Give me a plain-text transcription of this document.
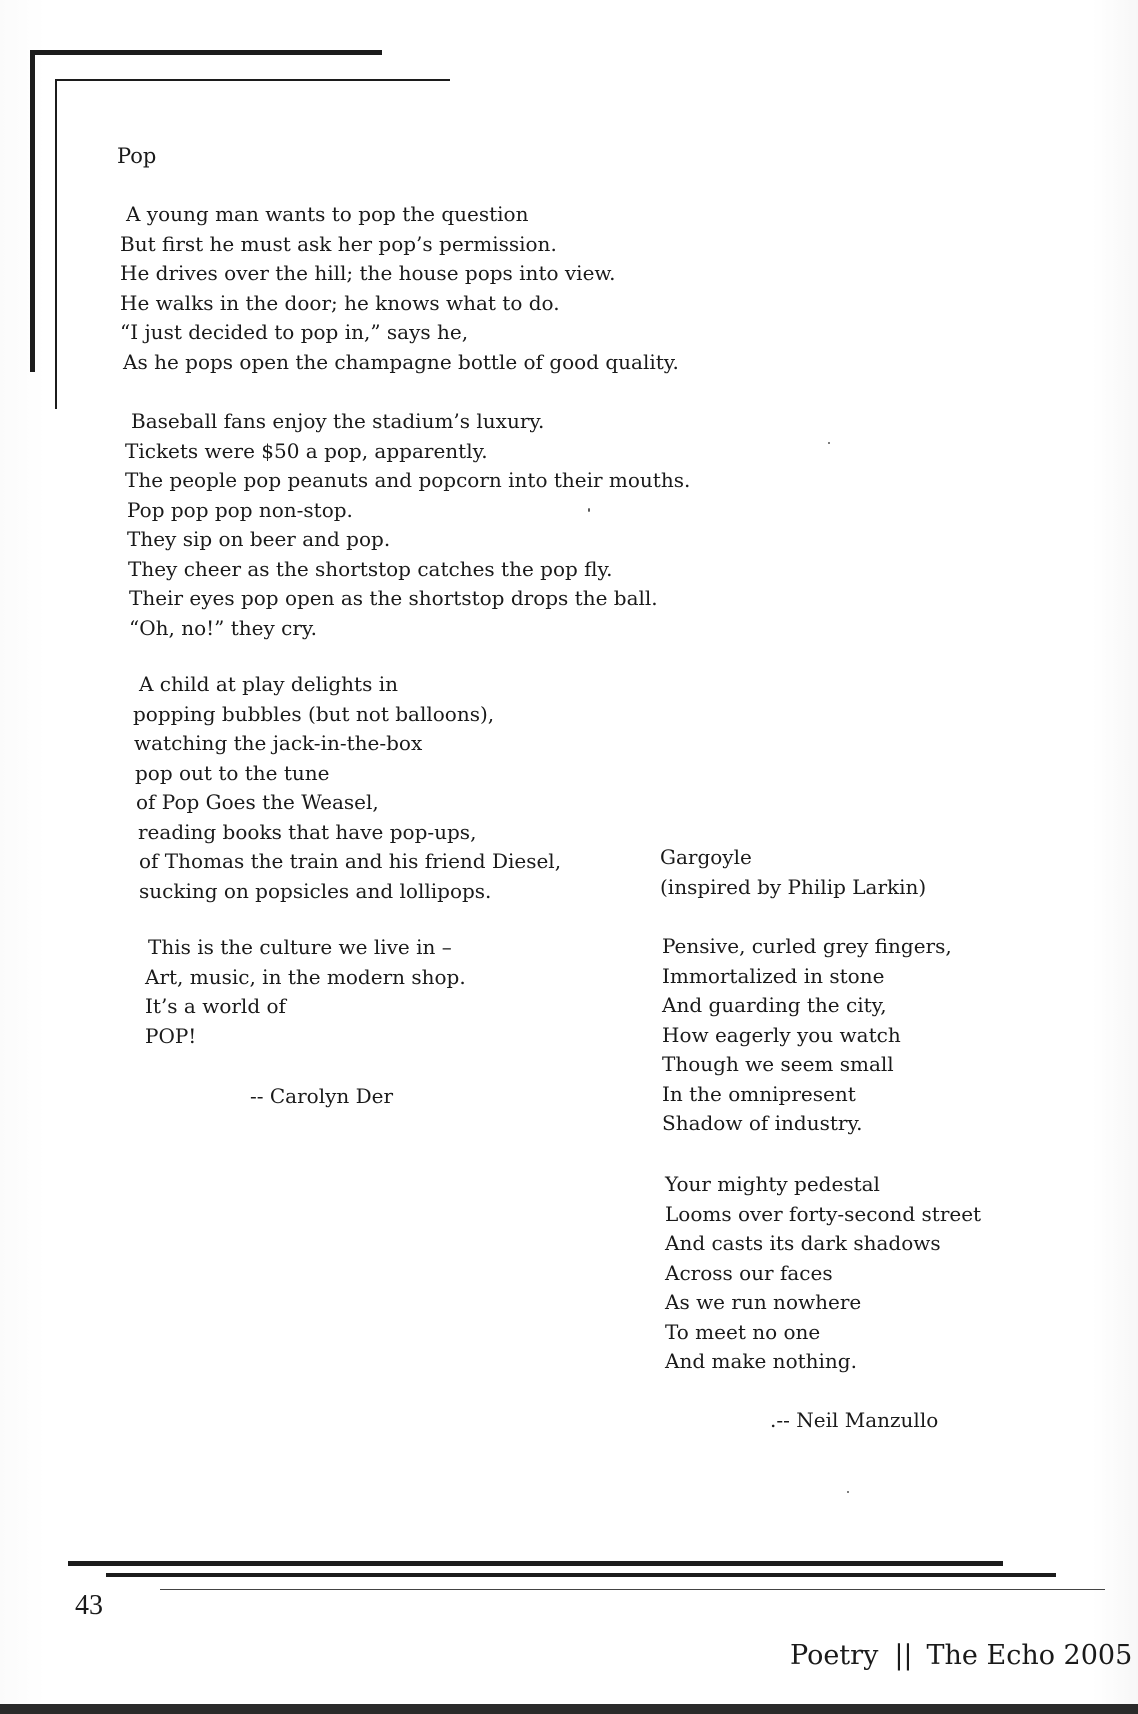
Pop
A young man wants to pop the question
But first he must ask her pop’s permission.
He drives over the hill; the house pops into view.
He walks in the door; he knows what to do.
“I just decided to pop in,” says he,
As he pops open the champagne bottle of good quality.
Baseball fans enjoy the stadium’s luxury.
Tickets were $50 a pop, apparently.
The people pop peanuts and popcorn into their mouths.
Pop pop pop non-stop.
They sip on beer and pop.
They cheer as the shortstop catches the pop fly.
Their eyes pop open as the shortstop drops the ball.
“Oh, no!” they cry.
A child at play delights in
popping bubbles (but not balloons),
watching the jack-in-the-box
pop out to the tune
of Pop Goes the Weasel,
reading books that have pop-ups,
of Thomas the train and his friend Diesel,
sucking on popsicles and lollipops.
This is the culture we live in –
Art, music, in the modern shop.
It’s a world of
POP!
-- Carolyn Der
Gargoyle
(inspired by Philip Larkin)
Pensive, curled grey fingers,
Immortalized in stone
And guarding the city,
How eagerly you watch
Though we seem small
In the omnipresent
Shadow of industry.
Your mighty pedestal
Looms over forty-second street
And casts its dark shadows
Across our faces
As we run nowhere
To meet no one
And make nothing.
.-- Neil Manzullo
43
Poetry || The Echo 2005
